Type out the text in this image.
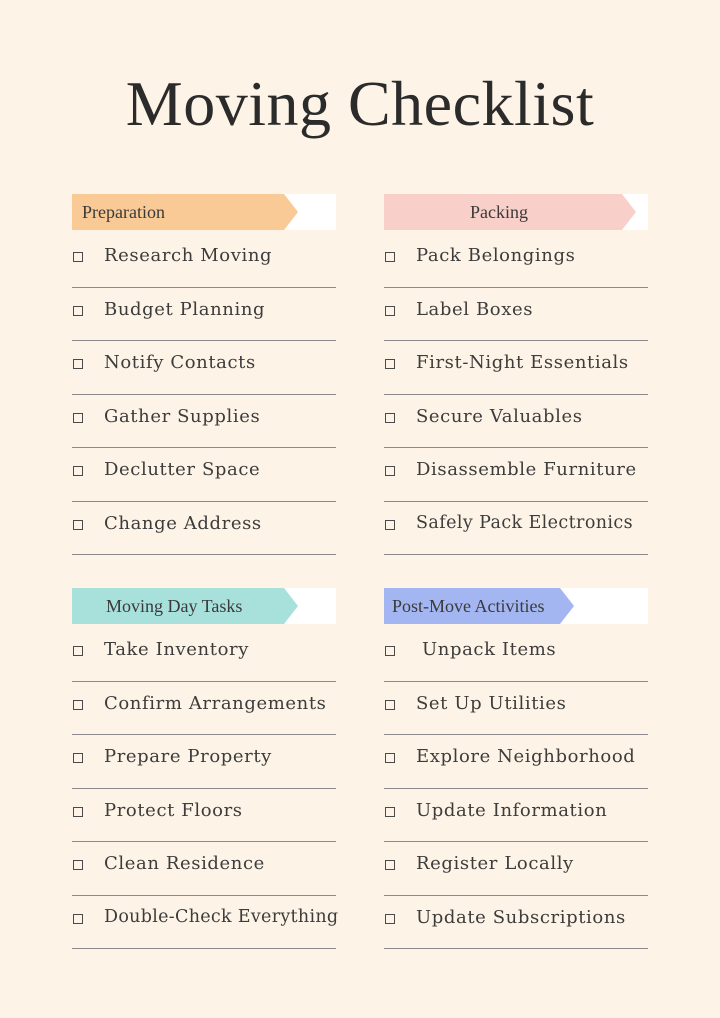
Moving Checklist
Preparation
Research Moving
Budget Planning
Notify Contacts
Gather Supplies
Declutter Space
Change Address
Packing
Pack Belongings
Label Boxes
First-Night Essentials
Secure Valuables
Disassemble Furniture
Safely Pack Electronics
Moving Day Tasks
Take Inventory
Confirm Arrangements
Prepare Property
Protect Floors
Clean Residence
Double-Check Everything
Post-Move Activities
Unpack Items
Set Up Utilities
Explore Neighborhood
Update Information
Register Locally
Update Subscriptions
